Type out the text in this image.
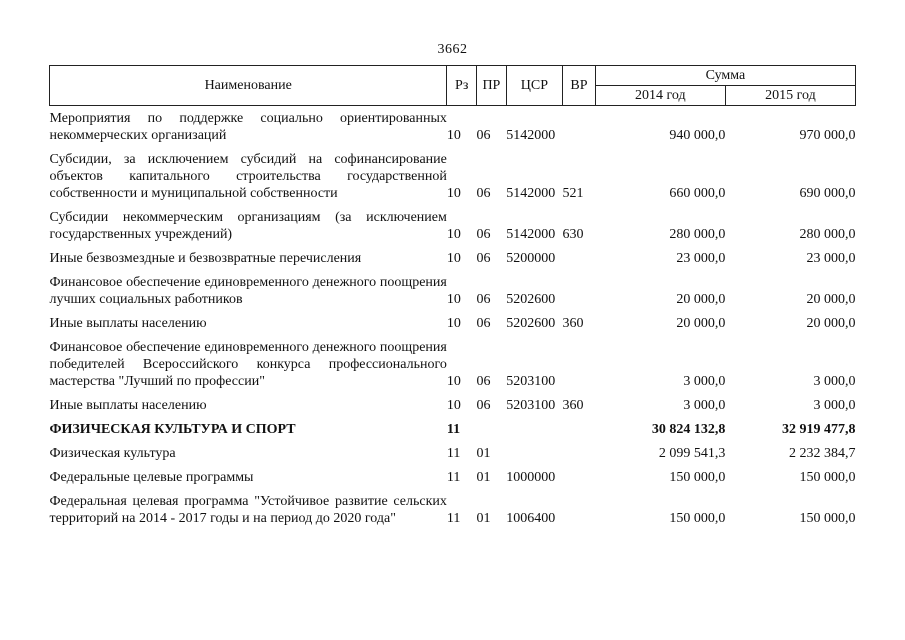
3662
Наименование	Рз	ПР	ЦСР	ВР	Сумма	
					2014 год	2015 год
Мероприятия по поддержке социально ориентированных некоммерческих организаций	10	06	5142000		940 000,0	970 000,0
Субсидии, за исключением субсидий на софинансирование объектов капитального строительства государственной собственности и муниципальной собственности	10	06	5142000	521	660 000,0	690 000,0
Субсидии некоммерческим организациям (за исключением государственных учреждений)	10	06	5142000	630	280 000,0	280 000,0
Иные безвозмездные и безвозвратные перечисления	10	06	5200000		23 000,0	23 000,0
Финансовое обеспечение единовременного денежного поощрения лучших социальных работников	10	06	5202600		20 000,0	20 000,0
Иные выплаты населению	10	06	5202600	360	20 000,0	20 000,0
Финансовое обеспечение единовременного денежного поощрения победителей Всероссийского конкурса профессионального мастерства "Лучший по профессии"	10	06	5203100		3 000,0	3 000,0
Иные выплаты населению	10	06	5203100	360	3 000,0	3 000,0
ФИЗИЧЕСКАЯ КУЛЬТУРА И СПОРТ	11				30 824 132,8	32 919 477,8
Физическая культура	11	01			2 099 541,3	2 232 384,7
Федеральные целевые программы	11	01	1000000		150 000,0	150 000,0
Федеральная целевая программа "Устойчивое развитие сельских территорий на 2014 - 2017 годы и на период до 2020 года"	11	01	1006400		150 000,0	150 000,0
